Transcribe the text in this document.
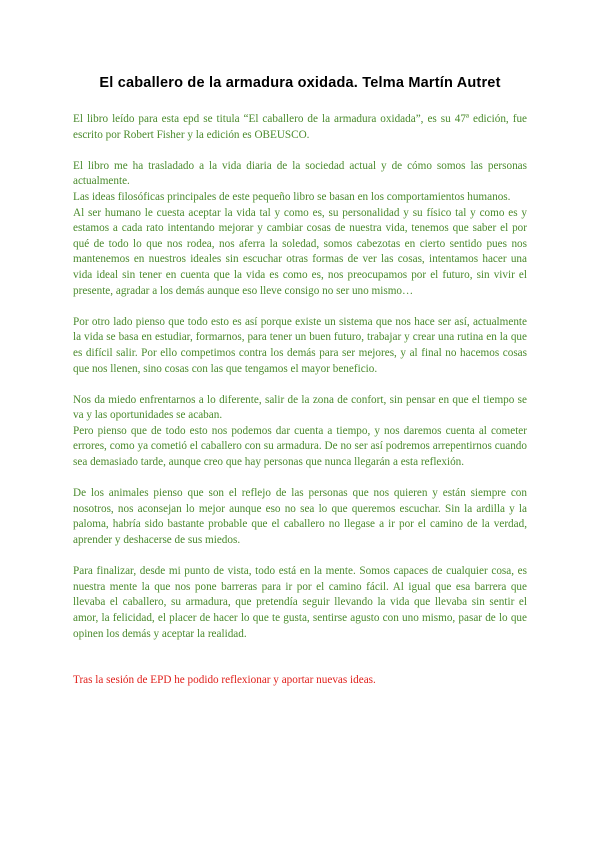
El caballero de la armadura oxidada. Telma Martín Autret

El libro leído para esta epd se titula “El caballero de la armadura oxidada”, es su 47ª edición, fue escrito por Robert Fisher y la edición es OBEUSCO.

El libro me ha trasladado a la vida diaria de la sociedad actual y de cómo somos las personas actualmente.

Las ideas filosóficas principales de este pequeño libro se basan en los comportamientos humanos.

Al ser humano le cuesta aceptar la vida tal y como es, su personalidad y su físico tal y como es y estamos a cada rato intentando mejorar y cambiar cosas de nuestra vida, tenemos que saber el por qué de todo lo que nos rodea, nos aferra la soledad, somos cabezotas en cierto sentido pues nos mantenemos en nuestros ideales sin escuchar otras formas de ver las cosas, intentamos hacer una vida ideal sin tener en cuenta que la vida es como es, nos preocupamos por el futuro, sin vivir el presente, agradar a los demás aunque eso lleve consigo no ser uno mismo…

Por otro lado pienso que todo esto es así porque existe un sistema que nos hace ser así, actualmente la vida se basa en estudiar, formarnos, para tener un buen futuro, trabajar y crear una rutina en la que es difícil salir. Por ello competimos contra los demás para ser mejores, y al final no hacemos cosas que nos llenen, sino cosas con las que tengamos el mayor beneficio.

Nos da miedo enfrentarnos a lo diferente, salir de la zona de confort, sin pensar en que el tiempo se va y las oportunidades se acaban.

Pero pienso que de todo esto nos podemos dar cuenta a tiempo, y nos daremos cuenta al cometer errores, como ya cometió el caballero con su armadura. De no ser así podremos arrepentirnos cuando sea demasiado tarde, aunque creo que hay personas que nunca llegarán a esta reflexión.

De los animales pienso que son el reflejo de las personas que nos quieren y están siempre con nosotros, nos aconsejan lo mejor aunque eso no sea lo que queremos escuchar. Sin la ardilla y la paloma, habría sido bastante probable que el caballero no llegase a ir por el camino de la verdad, aprender y deshacerse de sus miedos.

Para finalizar, desde mi punto de vista, todo está en la mente. Somos capaces de cualquier cosa, es nuestra mente la que nos pone barreras para ir por el camino fácil. Al igual que esa barrera que llevaba el caballero, su armadura, que pretendía seguir llevando la vida que llevaba sin sentir el amor, la felicidad, el placer de hacer lo que te gusta, sentirse agusto con uno mismo, pasar de lo que opinen los demás y aceptar la realidad.

Tras la sesión de EPD he podido reflexionar y aportar nuevas ideas.
